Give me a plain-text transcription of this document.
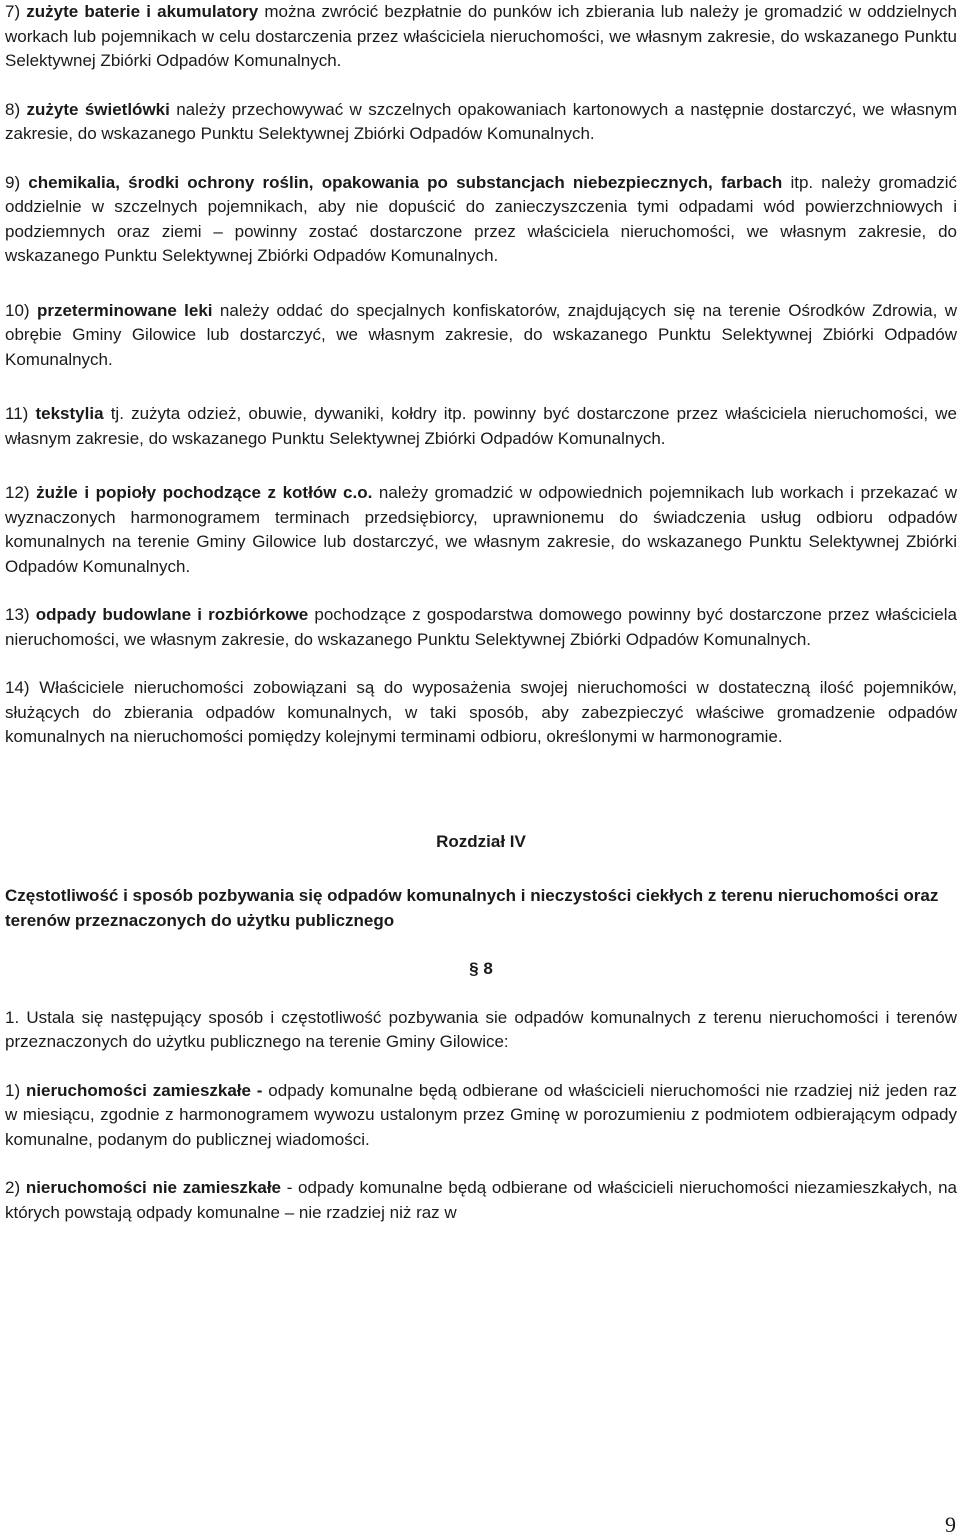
7) zużyte baterie i akumulatory można zwrócić bezpłatnie do punków ich zbierania lub należy je gromadzić w oddzielnych workach lub pojemnikach w celu dostarczenia przez właściciela nieruchomości, we własnym zakresie, do wskazanego Punktu Selektywnej Zbiórki Odpadów Komunalnych.

8) zużyte świetlówki należy przechowywać w szczelnych opakowaniach kartonowych a następnie dostarczyć, we własnym zakresie, do wskazanego Punktu Selektywnej Zbiórki Odpadów Komunalnych.

9) chemikalia, środki ochrony roślin, opakowania po substancjach niebezpiecznych, farbach itp. należy gromadzić oddzielnie w szczelnych pojemnikach, aby nie dopuścić do zanieczyszczenia tymi odpadami wód powierzchniowych i podziemnych oraz ziemi – powinny zostać dostarczone przez właściciela nieruchomości, we własnym zakresie, do wskazanego Punktu Selektywnej Zbiórki Odpadów Komunalnych.

10) przeterminowane leki należy oddać do specjalnych konfiskatorów, znajdujących się na terenie Ośrodków Zdrowia, w obrębie Gminy Gilowice lub dostarczyć, we własnym zakresie, do wskazanego Punktu Selektywnej Zbiórki Odpadów Komunalnych.

11) tekstylia tj. zużyta odzież, obuwie, dywaniki, kołdry itp. powinny być dostarczone przez właściciela nieruchomości, we własnym zakresie, do wskazanego Punktu Selektywnej Zbiórki Odpadów Komunalnych.

12) żużle i popioły pochodzące z kotłów c.o. należy gromadzić w odpowiednich pojemnikach lub workach i przekazać w wyznaczonych harmonogramem terminach przedsiębiorcy, uprawnionemu do świadczenia usług odbioru odpadów komunalnych na terenie Gminy Gilowice lub dostarczyć, we własnym zakresie, do wskazanego Punktu Selektywnej Zbiórki Odpadów Komunalnych.

13) odpady budowlane i rozbiórkowe pochodzące z gospodarstwa domowego powinny być dostarczone przez właściciela nieruchomości, we własnym zakresie, do wskazanego Punktu Selektywnej Zbiórki Odpadów Komunalnych.

14) Właściciele nieruchomości zobowiązani są do wyposażenia swojej nieruchomości w dostateczną ilość pojemników, służących do zbierania odpadów komunalnych, w taki sposób, aby zabezpieczyć właściwe gromadzenie odpadów komunalnych na nieruchomości pomiędzy kolejnymi terminami odbioru, określonymi w harmonogramie.

Rozdział IV

Częstotliwość i sposób pozbywania się odpadów komunalnych i nieczystości ciekłych z terenu nieruchomości oraz terenów przeznaczonych do użytku publicznego

§ 8

1. Ustala się następujący sposób i częstotliwość pozbywania sie odpadów komunalnych z terenu nieruchomości i terenów przeznaczonych do użytku publicznego na terenie Gminy Gilowice:

1) nieruchomości zamieszkałe - odpady komunalne będą odbierane od właścicieli nieruchomości nie rzadziej niż jeden raz w miesiącu, zgodnie z harmonogramem wywozu ustalonym przez Gminę w porozumieniu z podmiotem odbierającym odpady komunalne, podanym do publicznej wiadomości.

2) nieruchomości nie zamieszkałe - odpady komunalne będą odbierane od właścicieli nieruchomości niezamieszkałych, na których powstają odpady komunalne – nie rzadziej niż raz w

9
